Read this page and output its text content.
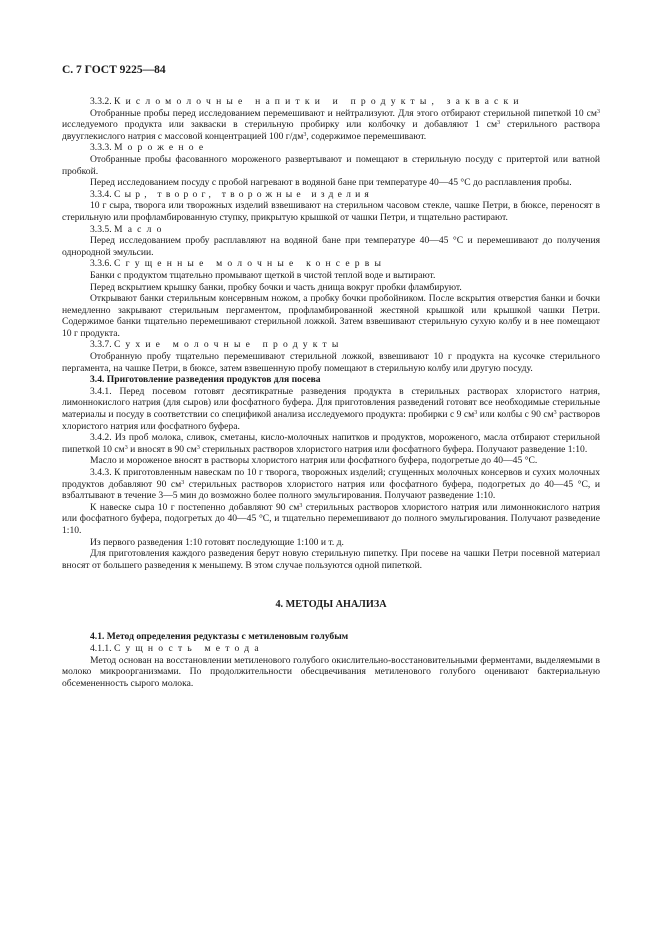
С. 7 ГОСТ 9225—84

3.3.2. Кисломолочные напитки и продукты, закваски

Отобранные пробы перед исследованием перемешивают и нейтрализуют. Для этого отбирают стерильной пипеткой 10 $см^3$ исследуемого продукта или закваски в стерильную пробирку или колбочку и добавляют 1 $см^3$ стерильного раствора двууглекислого натрия с массовой концентрацией 100 $г/дм^3$, содержимое перемешивают.

3.3.3. Мороженое

Отобранные пробы фасованного мороженого развертывают и помещают в стерильную посуду с притертой или ватной пробкой.

Перед исследованием посуду с пробой нагревают в водяной бане при температуре 40—45 °С до расплавления пробы.

3.3.4. Сыр, творог, творожные изделия

10 г сыра, творога или творожных изделий взвешивают на стерильном часовом стекле, чашке Петри, в бюксе, переносят в стерильную или профламбированную ступку, прикрытую крышкой от чашки Петри, и тщательно растирают.

3.3.5. Масло

Перед исследованием пробу расплавляют на водяной бане при температуре 40—45 °С и перемешивают до получения однородной эмульсии.

3.3.6. Сгущенные молочные консервы

Банки с продуктом тщательно промывают щеткой в чистой теплой воде и вытирают.

Перед вскрытием крышку банки, пробку бочки и часть днища вокруг пробки фламбируют.

Открывают банки стерильным консервным ножом, а пробку бочки пробойником. После вскрытия отверстия банки и бочки немедленно закрывают стерильным пергаментом, профламбированной жестяной крышкой или крышкой чашки Петри. Содержимое банки тщательно перемешивают стерильной ложкой. Затем взвешивают стерильную сухую колбу и в нее помещают 10 г продукта.

3.3.7. Сухие молочные продукты

Отобранную пробу тщательно перемешивают стерильной ложкой, взвешивают 10 г продукта на кусочке стерильного пергамента, на чашке Петри, в бюксе, затем взвешенную пробу помещают в стерильную колбу или другую посуду.

3.4. Приготовление разведения продуктов для посева

3.4.1. Перед посевом готовят десятикратные разведения продукта в стерильных растворах хлористого натрия, лимоннокислого натрия (для сыров) или фосфатного буфера. Для приготовления разведений готовят все необходимые стерильные материалы и посуду в соответствии со спецификой анализа исследуемого продукта: пробирки с 9 $см^3$ или колбы с 90 $см^3$ растворов хлористого натрия или фосфатного буфера.

3.4.2. Из проб молока, сливок, сметаны, кисло-молочных напитков и продуктов, мороженого, масла отбирают стерильной пипеткой 10 $см^3$ и вносят в 90 $см^3$ стерильных растворов хлористого натрия или фосфатного буфера. Получают разведение 1:10.

Масло и мороженое вносят в растворы хлористого натрия или фосфатного буфера, подогретые до 40—45 °С.

3.4.3. К приготовленным навескам по 10 г творога, творожных изделий; сгущенных молочных консервов и сухих молочных продуктов добавляют 90 $см^3$ стерильных растворов хлористого натрия или фосфатного буфера, подогретых до 40—45 °С, и взбалтывают в течение 3—5 мин до возможно более полного эмульгирования. Получают разведение 1:10.

К навеске сыра 10 г постепенно добавляют 90 $см^3$ стерильных растворов хлористого натрия или лимоннокислого натрия или фосфатного буфера, подогретых до 40—45 °С, и тщательно перемешивают до полного эмульгирования. Получают разведение 1:10.

Из первого разведения 1:10 готовят последующие 1:100 и т. д.

Для приготовления каждого разведения берут новую стерильную пипетку. При посеве на чашки Петри посевной материал вносят от большего разведения к меньшему. В этом случае пользуются одной пипеткой.

4. МЕТОДЫ АНАЛИЗА

4.1. Метод определения редуктазы с метиленовым голубым

4.1.1. Сущность метода

Метод основан на восстановлении метиленового голубого окислительно-восстановительными ферментами, выделяемыми в молоко микроорганизмами. По продолжительности обесцвечивания метиленового голубого оценивают бактериальную обсемененность сырого молока.
